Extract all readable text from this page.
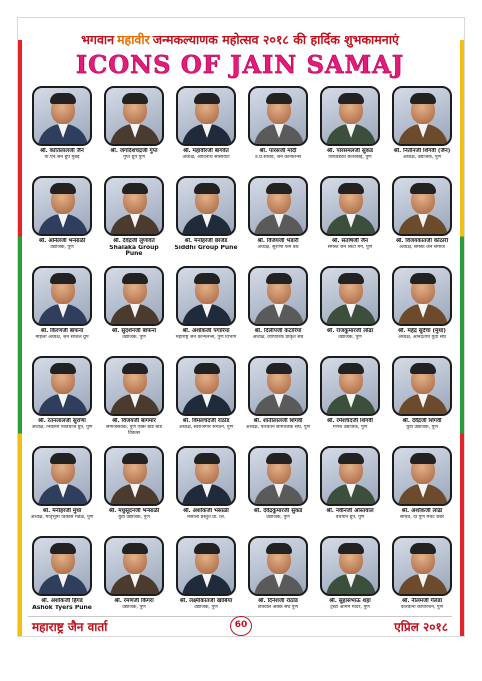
भगवान महावीर जन्मकल्याणक महोत्सव २०१८ की हार्दिक शुभकामनाएं
ICONS OF JAIN SAMAJ
श्री. कांतिलालजी जैन
पी.एन.जैन ग्रुप मुंबई
श्री. जगदिशचंद्रजी गुप्त
गुप्त ग्रुप पुणे
श्री. महावीरजी बागवेत
अध्यक्ष, आदिनाथ सोसायटी
श्री. पारसजी मोदी
उ.प्र.सचिव, जैन कॉन्फरन्स
श्री. पारसमलजी सुंकड
चिंचवडकी छत्तरबाई, पुणे
श्री. नितीनजी शिंगवी (जैन)
अध्यक्ष, उद्योजक, पुणे
श्री. अनिलजी भन्साळी
उद्योजक, पुणे
श्री. देवेंद्रजी लुणावत
Shalaka Group Pune
श्री. मनोहरजी छाजेड
Siddhi Group Pune
श्री. विजयजी भंडारी
अध्यक्ष, सुराणा फर्म बंध
श्री. संतोषजी जैन
समस्त जैन सिटी मेंगे, पुणे
श्री. विजयकांतजी कोठारी
अध्यक्ष, समस्त जैन समाज
श्री. किरणजी बाफना
महिला अध्यक्ष, जैन सोशल ग्रुप
श्री. सुदर्शनजी बाफना
उद्योजक, पुणे
श्री. अशोकजी पगारिया
महाराष्ट्र जैन कॉन्फरन्स, पुणे विभाग
श्री. दिलीपजी कटारिया
अध्यक्ष, व्यापारिक प्राकृत संघ
श्री. राजकुमारजी लोढा
उद्योजक, पुणे
श्री. महेंद्र सुंदेचा (मुथा)
अध्यक्ष, आनंदतीर्थ युवा संघ
श्री. रतनलालजी सुराणा
अध्यक्ष, निकामी पीडियाज ग्रुप, पुणे
श्री. विजयजी बागमार
समाजसेवक, पुणे एक्स बाँड बोर्ड विकास
श्री. विमलचंदजी राठोड
अध्यक्ष, स्वरोजगार संगठन, पुणे
श्री. शांतीलालजी शिंगवी
अध्यक्ष, परिवर्तन सामाजिक संघ, पुणे
श्री. रमेशचंदजी शिंगवी
गणेश उद्योजक, पुणे
श्री. देवेंद्रजी शिंगवी
युवा उद्योजक, पुणे
श्री. मनोहरजी मुथा
अध्यक्ष, मातृभूमि विकास मंडळ, पुणे
श्री. मधुसूदनजी भन्साळी
युवा उद्योजक, पुणे
श्री. अशोकजी भंसाळी
भंसाली प्रस्तुत प्रा. लि.
श्री. देवेंद्रकुमारजी सुंकड
उद्योजक, पुणे
श्री. नवीनजी ओस्तवाल
वर्धमान ग्रुप, पुणे
श्री. अशोकजी लोढा
सचिव, दी पुणे मर्चंट चेंबर
श्री. अशोकजी हिंगड
Ashok Tyers Pune
श्री. रमणजी किंगरा
उद्योजक, पुणे
श्री. लक्ष्मीकांतजी खाबिया
उद्योजक, पुणे
श्री. दिनेशजी राठोड
छत्रेवाल अक्क संघ पुणे
श्री. सुहासभाऊ शहा
ट्रस्टी आगम मंदिर, पुणे
श्री. नीलमजी गेलडा
कारवानी कॉर्पोरेशन, पुणे
महाराष्ट्र जैन वार्ता	60	एप्रिल २०१८
